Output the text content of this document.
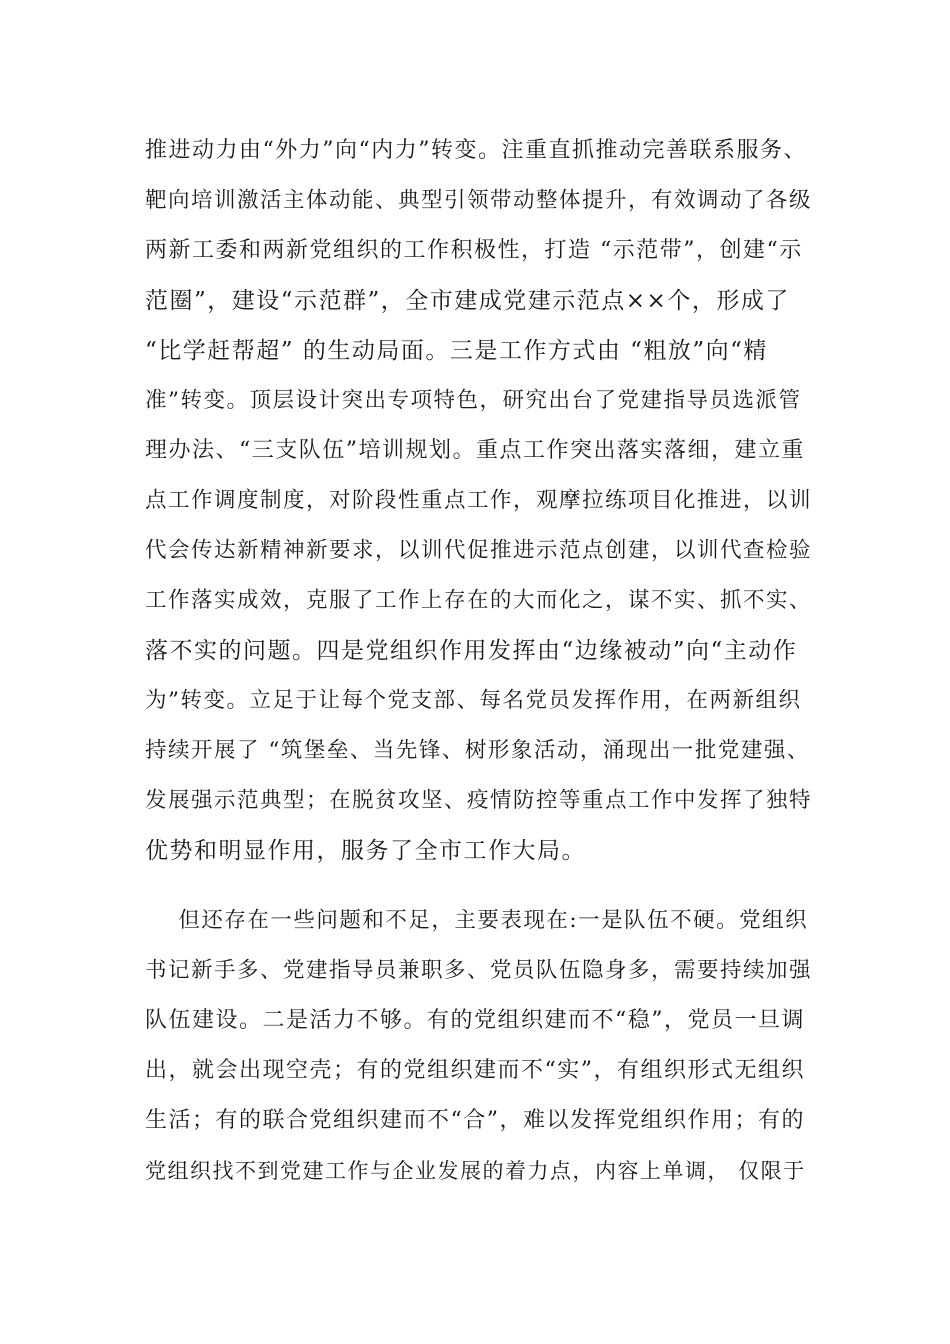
推进动力由“外力”向“内力”转变。注重直抓推动完善联系服务、
靶向培训激活主体动能、典型引领带动整体提升，有效调动了各级
两新工委和两新党组织的工作积极性，打造 “示范带”，创建“示
范圈”，建设“示范群”，全市建成党建示范点××个，形成了
“比学赶帮超” 的生动局面。三是工作方式由 “粗放”向“精
准”转变。顶层设计突出专项特色，研究出台了党建指导员选派管
理办法、“三支队伍”培训规划。重点工作突出落实落细，建立重
点工作调度制度，对阶段性重点工作，观摩拉练项目化推进，以训
代会传达新精神新要求，以训代促推进示范点创建，以训代查检验
工作落实成效，克服了工作上存在的大而化之，谋不实、抓不实、
落不实的问题。四是党组织作用发挥由“边缘被动”向“主动作
为”转变。立足于让每个党支部、每名党员发挥作用，在两新组织
持续开展了 “筑堡垒、当先锋、树形象活动，涌现出一批党建强、
发展强示范典型；在脱贫攻坚、疫情防控等重点工作中发挥了独特
优势和明显作用，服务了全市工作大局。
但还存在一些问题和不足，主要表现在:一是队伍不硬。党组织
书记新手多、党建指导员兼职多、党员队伍隐身多，需要持续加强
队伍建设。二是活力不够。有的党组织建而不“稳”，党员一旦调
出，就会出现空壳；有的党组织建而不“实”，有组织形式无组织
生活；有的联合党组织建而不“合”，难以发挥党组织作用；有的
党组织找不到党建工作与企业发展的着力点，内容上单调， 仅限于
